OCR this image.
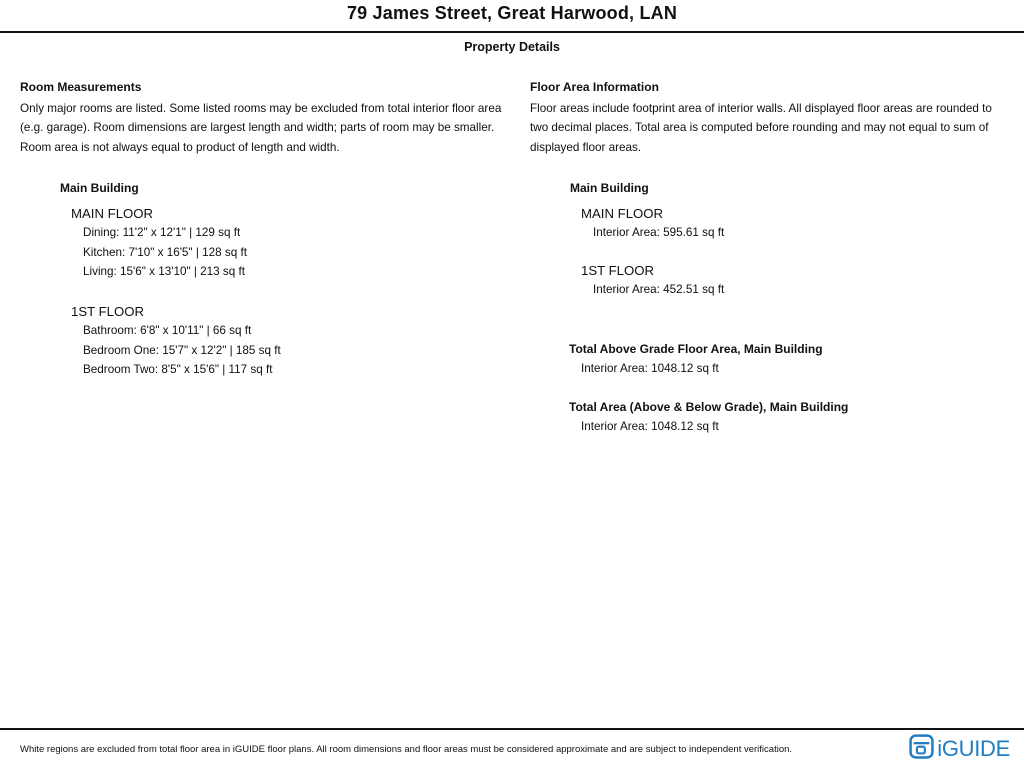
79 James Street, Great Harwood, LAN
Property Details
Room Measurements
Only major rooms are listed. Some listed rooms may be excluded from total interior floor area (e.g. garage). Room dimensions are largest length and width; parts of room may be smaller. Room area is not always equal to product of length and width.
Main Building
MAIN FLOOR
Dining: 11'2" x 12'1" | 129 sq ft
Kitchen: 7'10" x 16'5" | 128 sq ft
Living: 15'6" x 13'10" | 213 sq ft
1ST FLOOR
Bathroom: 6'8" x 10'11" | 66 sq ft
Bedroom One: 15'7" x 12'2" | 185 sq ft
Bedroom Two: 8'5" x 15'6" | 117 sq ft
Floor Area Information
Floor areas include footprint area of interior walls. All displayed floor areas are rounded to two decimal places. Total area is computed before rounding and may not equal to sum of displayed floor areas.
Main Building
MAIN FLOOR
Interior Area: 595.61 sq ft
1ST FLOOR
Interior Area: 452.51 sq ft
Total Above Grade Floor Area, Main Building
Interior Area: 1048.12 sq ft
Total Area (Above & Below Grade), Main Building
Interior Area: 1048.12 sq ft
White regions are excluded from total floor area in iGUIDE floor plans. All room dimensions and floor areas must be considered approximate and are subject to independent verification.	iGUIDE
